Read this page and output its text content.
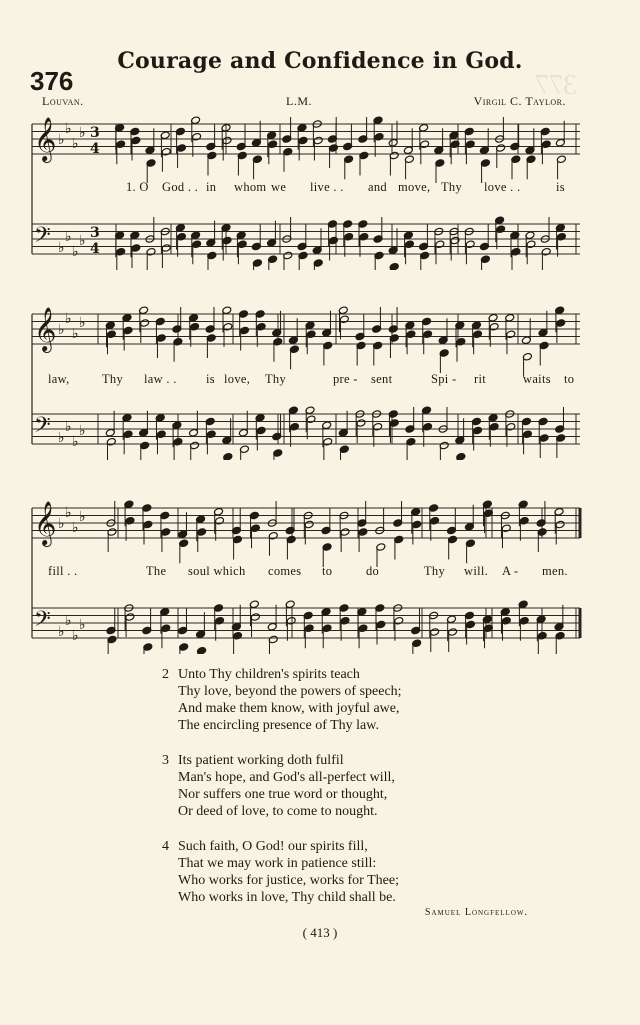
377
Courage and Confidence in God.
376
Louvan.	L.M.	Virgil C. Taylor.
𝄞 ♭
♭
♭
♭ 3
4
𝄢 ♭
♭
♭
♭ 3
4
1. O God . . in whom we live . . and move, Thy love . .	is
𝄞 ♭
♭
♭
♭
𝄢 ♭
♭
♭
♭
law,	Thy law . . is love, Thy	pre - sent	Spi - rit	waits to
𝄞 ♭
♭
♭
♭
𝄢 ♭
♭
♭
♭
fill . .	The soul which comes to	do	Thy will. A - men.
2 Unto Thy children's spirits teach
Thy love, beyond the powers of speech;
And make them know, with joyful awe,
The encircling presence of Thy law.
3 Its patient working doth fulfil
Man's hope, and God's all-perfect will,
Nor suffers one true word or thought,
Or deed of love, to come to nought.
4 Such faith, O God! our spirits fill,
That we may work in patience still:
Who works for justice, works for Thee;
Who works in love, Thy child shall be.
Samuel Longfellow.
( 413 )
